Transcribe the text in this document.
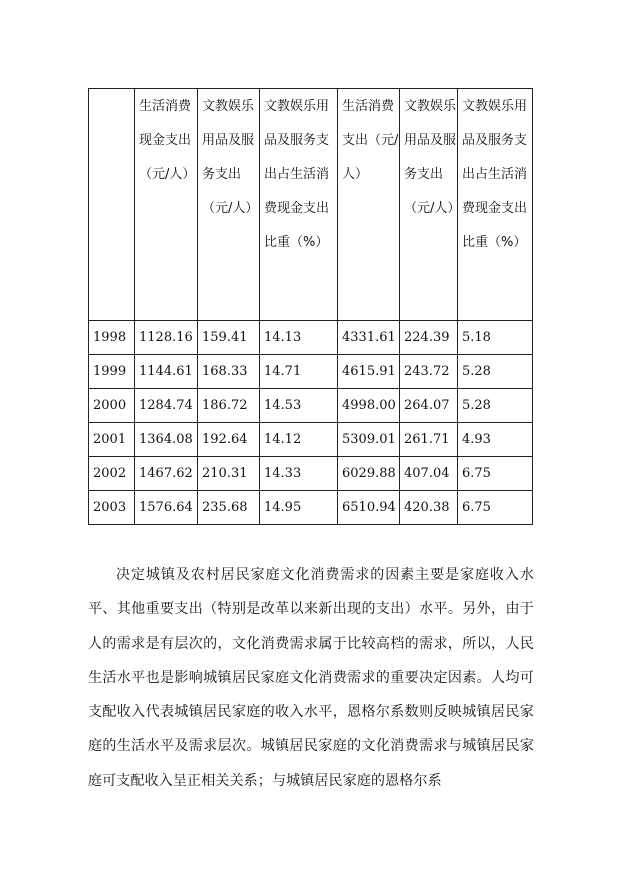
	生活消费现金支出（元/人）	文教娱乐用品及服务支出（元/人）	文教娱乐用品及服务支出占生活消费现金支出比重（%）	生活消费支出（元/人）	文教娱乐用品及服务支出（元/人）	文教娱乐用品及服务支出占生活消费现金支出比重（%）
1998	1128.16	159.41	14.13	4331.61	224.39	5.18
1999	1144.61	168.33	14.71	4615.91	243.72	5.28
2000	1284.74	186.72	14.53	4998.00	264.07	5.28
2001	1364.08	192.64	14.12	5309.01	261.71	4.93
2002	1467.62	210.31	14.33	6029.88	407.04	6.75
2003	1576.64	235.68	14.95	6510.94	420.38	6.75

决定城镇及农村居民家庭文化消费需求的因素主要是家庭收入水平、其他重要支出（特别是改革以来新出现的支出）水平。另外，由于人的需求是有层次的，文化消费需求属于比较高档的需求，所以，人民生活水平也是影响城镇居民家庭文化消费需求的重要决定因素。人均可支配收入代表城镇居民家庭的收入水平，恩格尔系数则反映城镇居民家庭的生活水平及需求层次。城镇居民家庭的文化消费需求与城镇居民家庭可支配收入呈正相关关系；与城镇居民家庭的恩格尔系
